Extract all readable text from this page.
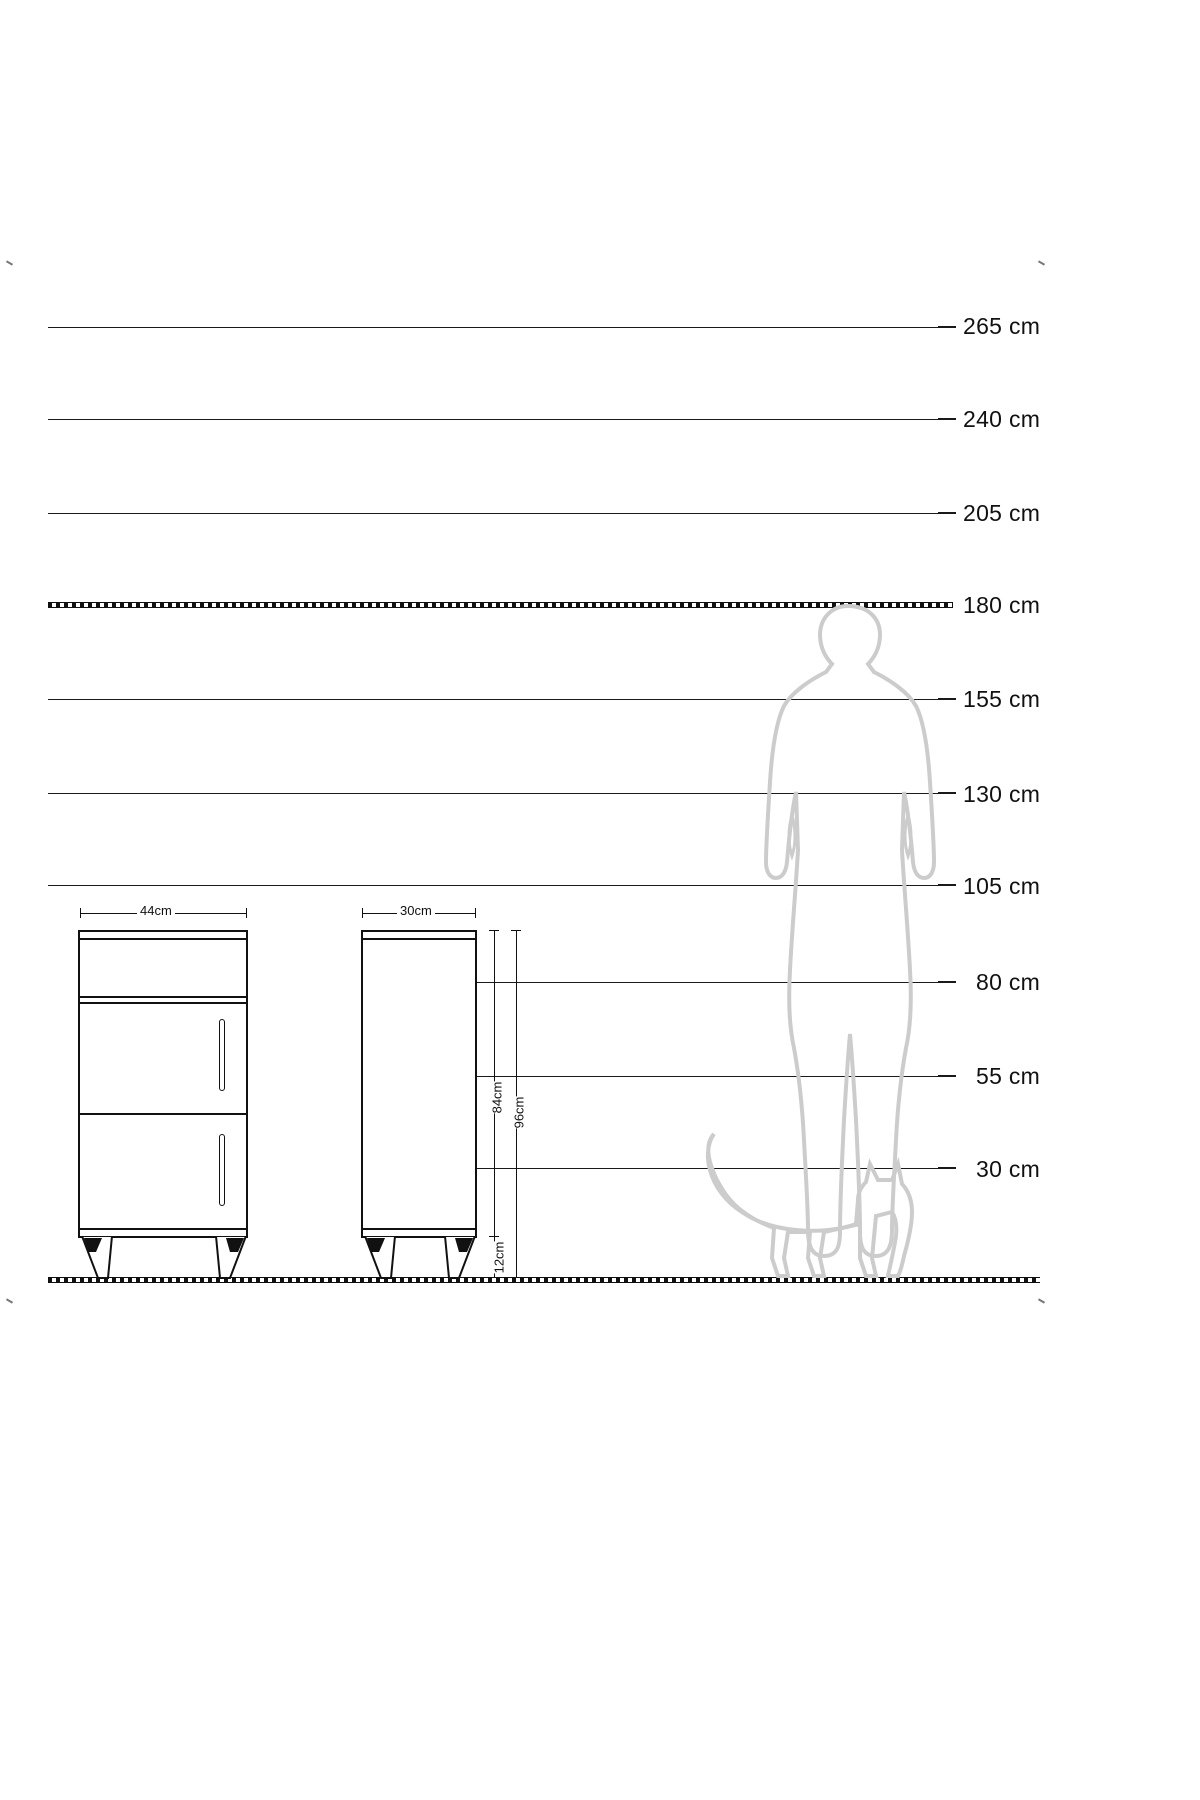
265 cm
240 cm
205 cm
180 cm
155 cm
130 cm
105 cm
80 cm
55 cm
30 cm
44cm	30cm
84cm 96cm
12cm
